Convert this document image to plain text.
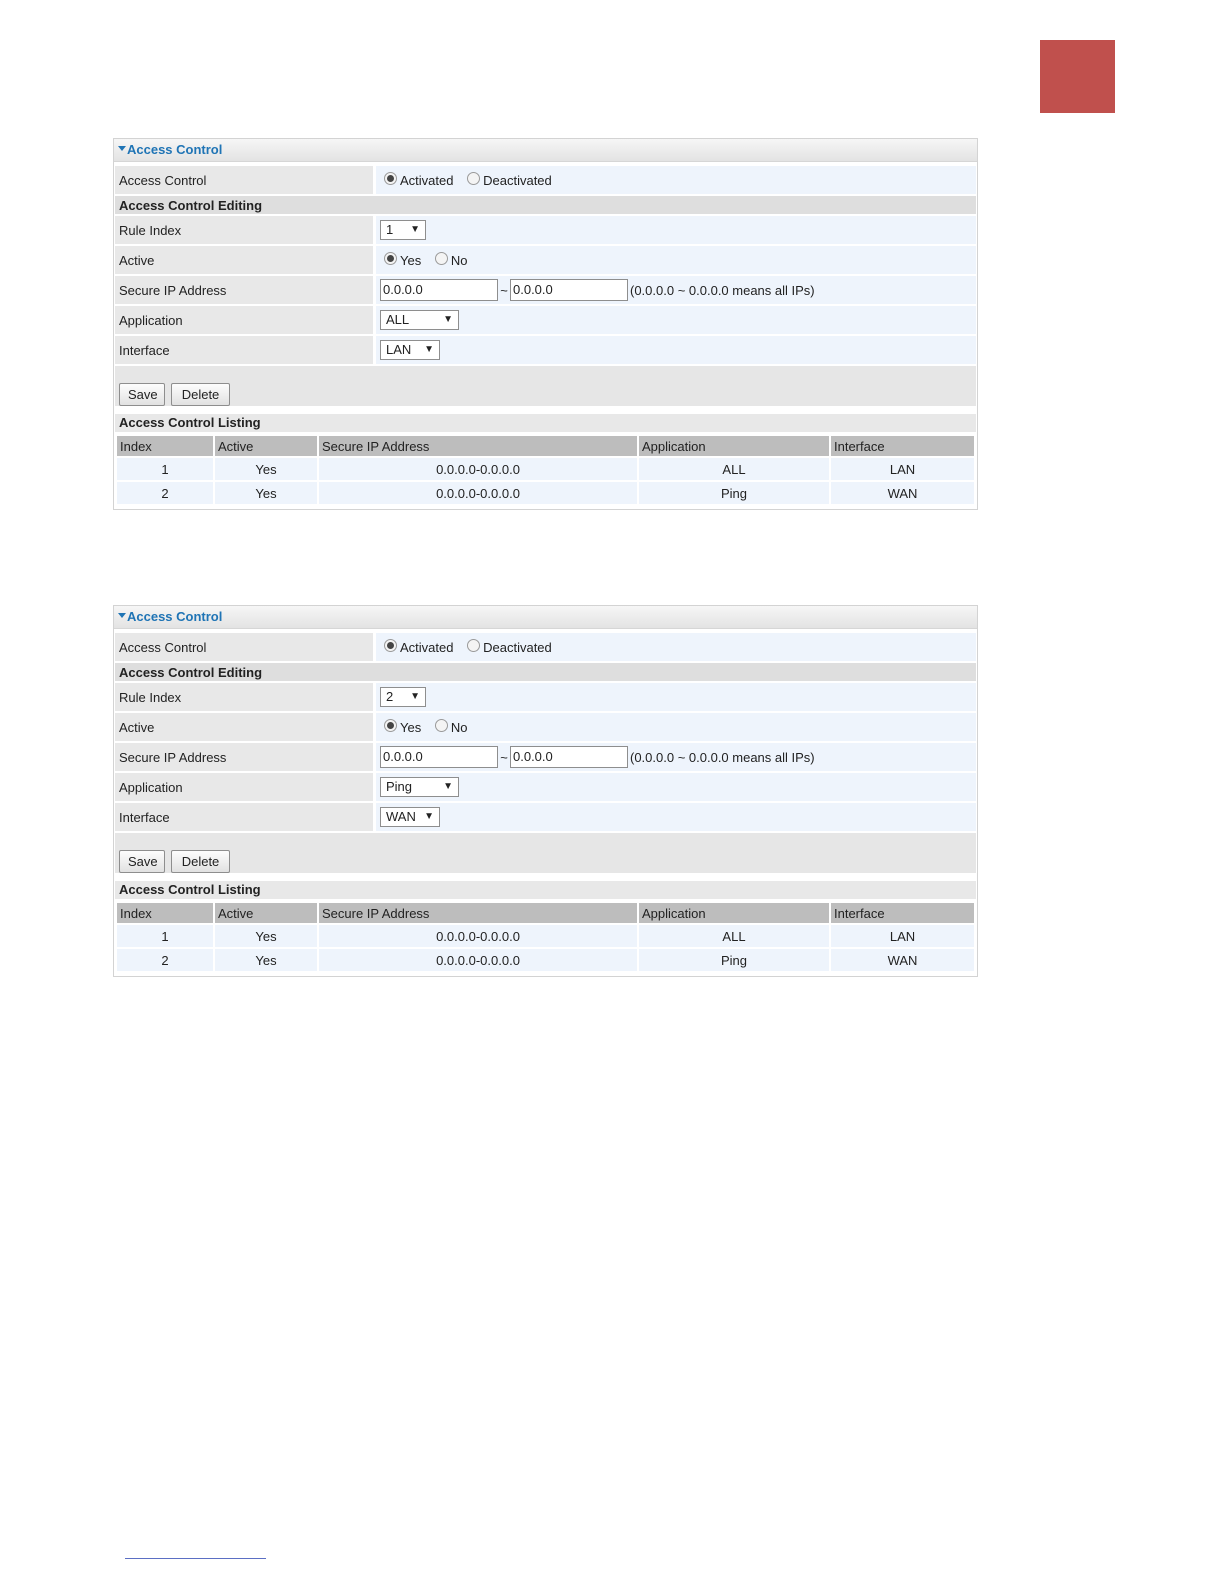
Access Control
Access Control	Activated Deactivated
Access Control Editing	
Rule Index	1 ▼

Active	Yes No
Secure IP Address	0.0.0.0 ~ 0.0.0.0 (0.0.0.0 ~ 0.0.0.0 means all IPs)
Application	ALL ▼

Interface	LAN ▼
Save	Delete
Access Control Listing
Index	Active	Secure IP Address	Application	Interface
1	Yes	0.0.0.0-0.0.0.0	ALL	LAN
2	Yes	0.0.0.0-0.0.0.0	Ping	WAN
Access Control
Access Control	Activated Deactivated
Access Control Editing	
Rule Index	2 ▼

Active	Yes No
Secure IP Address	0.0.0.0 ~ 0.0.0.0 (0.0.0.0 ~ 0.0.0.0 means all IPs)
Application	Ping ▼

Interface	WAN ▼
Save	Delete
Access Control Listing
Index	Active	Secure IP Address	Application	Interface
1	Yes	0.0.0.0-0.0.0.0	ALL	LAN
2	Yes	0.0.0.0-0.0.0.0	Ping	WAN
